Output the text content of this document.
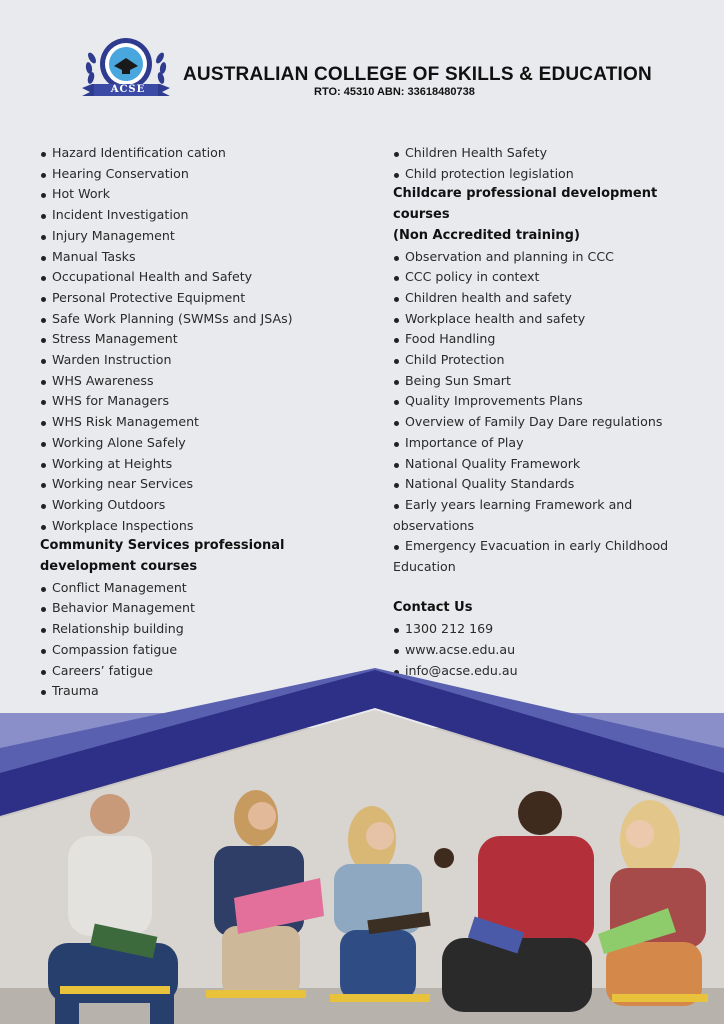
ACSE
AUSTRALIAN COLLEGE OF SKILLS & EDUCATION
RTO: 45310 ABN: 33618480738
Hazard Identification cation
Hearing Conservation
Hot Work
Incident Investigation
Injury Management
Manual Tasks
Occupational Health and Safety
Personal Protective Equipment
Safe Work Planning (SWMSs and JSAs)
Stress Management
Warden Instruction
WHS Awareness
WHS for Managers
WHS Risk Management
Working Alone Safely
Working at Heights
Working near Services
Working Outdoors
Workplace Inspections
Community Services professional
development courses
Conflict Management
Behavior Management
Relationship building
Compassion fatigue
Careers’ fatigue
Trauma
Children Health Safety
Child protection legislation
Childcare professional development courses
(Non Accredited training)
Observation and planning in CCC
CCC policy in context
Children health and safety
Workplace health and safety
Food Handling
Child Protection
Being Sun Smart
Quality Improvements Plans
Overview of Family Day Dare regulations
Importance of Play
National Quality Framework
National Quality Standards
Early years learning Framework and observations
Emergency Evacuation in early Childhood Education
Contact Us
1300 212 169
www.acse.edu.au
info@acse.edu.au
